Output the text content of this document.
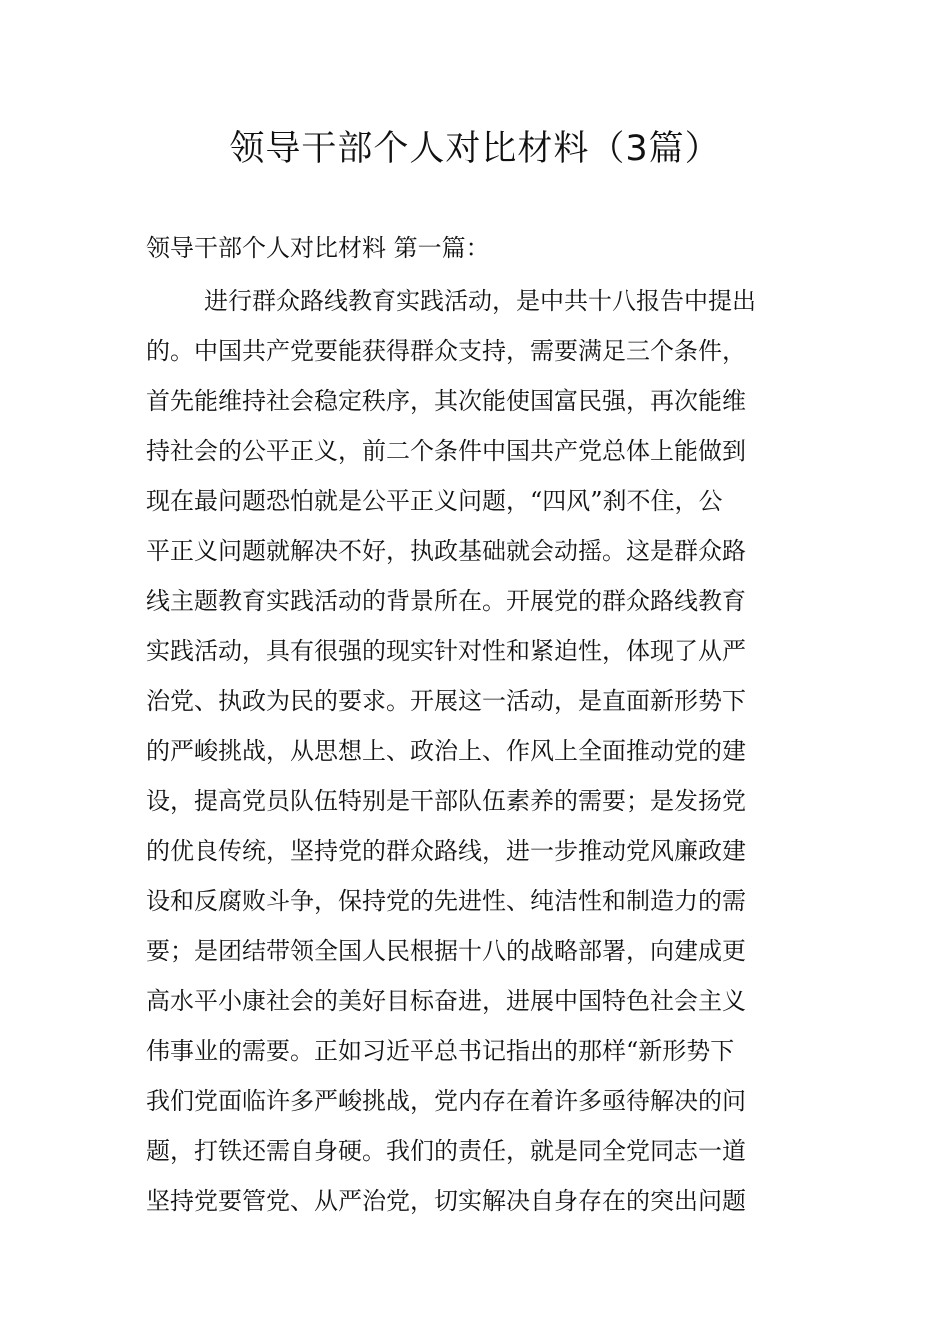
领导干部个人对比材料（3篇）

领导干部个人对比材料 第一篇：

进行群众路线教育实践活动，是中共十八报告中提出
的。中国共产党要能获得群众支持，需要满足三个条件，
首先能维持社会稳定秩序，其次能使国富民强，再次能维
持社会的公平正义，前二个条件中国共产党总体上能做到
现在最问题恐怕就是公平正义问题，“四风”刹不住，公
平正义问题就解决不好，执政基础就会动摇。这是群众路
线主题教育实践活动的背景所在。开展党的群众路线教育
实践活动，具有很强的现实针对性和紧迫性，体现了从严
治党、执政为民的要求。开展这一活动，是直面新形势下
的严峻挑战，从思想上、政治上、作风上全面推动党的建
设，提高党员队伍特别是干部队伍素养的需要；是发扬党
的优良传统，坚持党的群众路线，进一步推动党风廉政建
设和反腐败斗争，保持党的先进性、纯洁性和制造力的需
要；是团结带领全国人民根据十八的战略部署，向建成更
高水平小康社会的美好目标奋进，进展中国特色社会主义
伟事业的需要。正如习近平总书记指出的那样“新形势下
我们党面临许多严峻挑战，党内存在着许多亟待解决的问
题，打铁还需自身硬。我们的责任，就是同全党同志一道
坚持党要管党、从严治党，切实解决自身存在的突出问题
